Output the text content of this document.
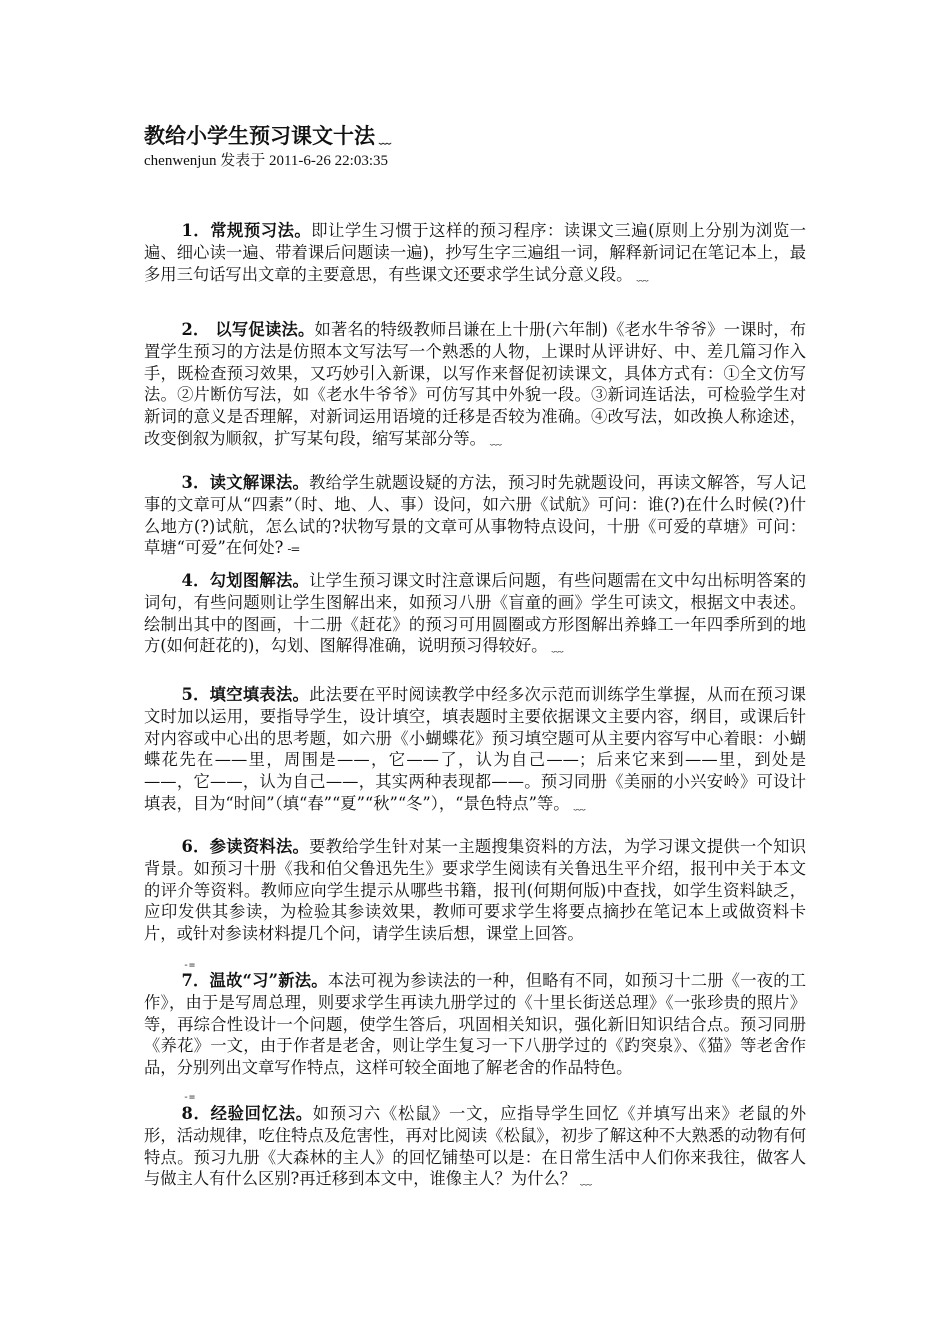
教给小学生预习课文十法 ﹏
chenwenjun 发表于 2011-6-26 22:03:35

1．常规预习法。即让学生习惯于这样的预习程序：读课文三遍(原则上分别为浏览一遍、细心读一遍、带着课后问题读一遍)，抄写生字三遍组一词，解释新词记在笔记本上，最多用三句话写出文章的主要意思，有些课文还要求学生试分意义段。 ﹏

2． 以写促读法。如著名的特级教师吕谦在上十册(六年制)《老水牛爷爷》一课时，布置学生预习的方法是仿照本文写法写一个熟悉的人物，上课时从评讲好、中、差几篇习作入手，既检查预习效果，又巧妙引入新课，以写作来督促初读课文，具体方式有：①全文仿写法。②片断仿写法，如《老水牛爷爷》可仿写其中外貌一段。③新词连话法，可检验学生对新词的意义是否理解，对新词运用语境的迁移是否较为准确。④改写法，如改换人称途述，改变倒叙为顺叙，扩写某句段，缩写某部分等。 ﹏

3．读文解课法。教给学生就题设疑的方法，预习时先就题设问，再读文解答，写人记事的文章可从“四素”（时、地、人、事）设问，如六册《试航》可问：谁(?)在什么时候(?)什么地方(?)试航，怎么试的?状物写景的文章可从事物特点设问，十册《可爱的草塘》可问：草塘“可爱”在何处? -=

4．勾划图解法。让学生预习课文时注意课后问题，有些问题需在文中勾出标明答案的词句，有些问题则让学生图解出来，如预习八册《盲童的画》学生可读文，根据文中表述。绘制出其中的图画，十二册《赶花》的预习可用圆圈或方形图解出养蜂工一年四季所到的地方(如何赶花的)，勾划、图解得准确，说明预习得较好。 ﹏

5．填空填表法。此法要在平时阅读教学中经多次示范而训练学生掌握，从而在预习课文时加以运用，要指导学生，设计填空，填表题时主要依据课文主要内容，纲目，或课后针对内容或中心出的思考题，如六册《小蝴蝶花》预习填空题可从主要内容写中心着眼：小蝴蝶花先在——里，周围是——，它——了，认为自己——；后来它来到——里，到处是——，它——，认为自己——，其实两种表现都——。预习同册《美丽的小兴安岭》可设计填表，目为“时间”（填“春”“夏”“秋”“冬”），“景色特点”等。 ﹏

6．参读资料法。要教给学生针对某一主题搜集资料的方法，为学习课文提供一个知识背景。如预习十册《我和伯父鲁迅先生》要求学生阅读有关鲁迅生平介绍，报刊中关于本文的评介等资料。教师应向学生提示从哪些书籍，报刊(何期何版)中查找，如学生资料缺乏，应印发供其参读，为检验其参读效果，教师可要求学生将要点摘抄在笔记本上或做资料卡片，或针对参读材料提几个问，请学生读后想，课堂上回答。

-=

7．温故“习”新法。本法可视为参读法的一种，但略有不同，如预习十二册《一夜的工作》，由于是写周总理，则要求学生再读九册学过的《十里长街送总理》《一张珍贵的照片》等，再综合性设计一个问题，使学生答后，巩固相关知识，强化新旧知识结合点。预习同册《养花》一文，由于作者是老舍，则让学生复习一下八册学过的《趵突泉》、《猫》等老舍作品，分别列出文章写作特点，这样可较全面地了解老舍的作品特色。

-=

8．经验回忆法。如预习六《松鼠》一文，应指导学生回忆《并填写出来》老鼠的外形，活动规律，吃住特点及危害性，再对比阅读《松鼠》，初步了解这种不大熟悉的动物有何特点。预习九册《大森林的主人》的回忆铺垫可以是：在日常生活中人们你来我往，做客人与做主人有什么区别?再迁移到本文中，谁像主人？为什么？ ﹏
